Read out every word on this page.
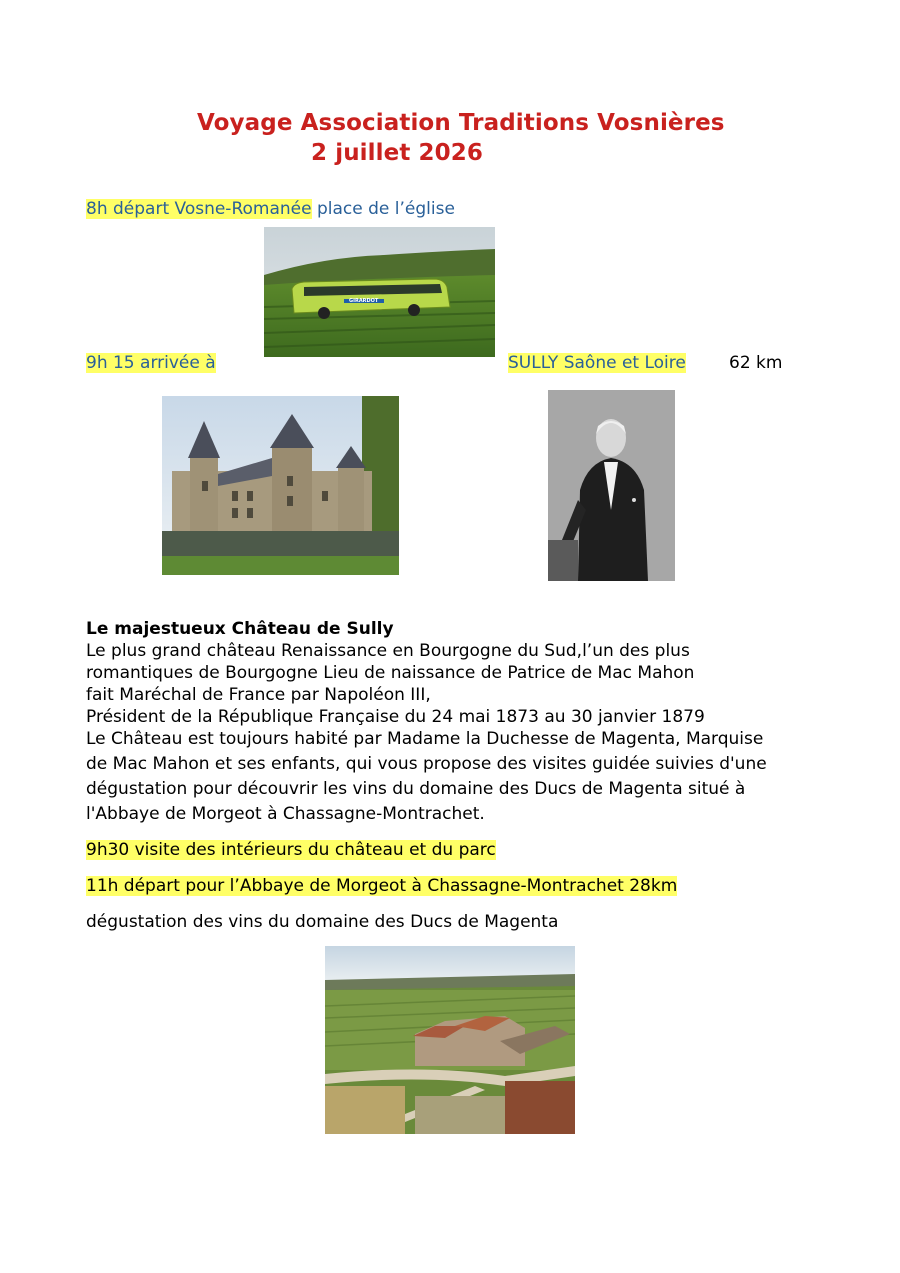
Voyage Association Traditions Vosnières
2 juillet 2026
8h départ Vosne-Romanée place de l’église
GIRARDOT
9h 15 arrivée à	SULLY Saône et Loire	62 km
Le majestueux Château de Sully
Le plus grand château Renaissance en Bourgogne du Sud,l’un des plus
romantiques de Bourgogne Lieu de naissance de Patrice de Mac Mahon
fait Maréchal de France par Napoléon III,
Président de la République Française du 24 mai 1873 au 30 janvier 1879
Le Château est toujours habité par Madame la Duchesse de Magenta, Marquise
de Mac Mahon et ses enfants, qui vous propose des visites guidée suivies d'une
dégustation pour découvrir les vins du domaine des Ducs de Magenta situé à
l'Abbaye de Morgeot à Chassagne-Montrachet.
9h30 visite des intérieurs du château et du parc
11h départ pour l’Abbaye de Morgeot à Chassagne-Montrachet 28km
dégustation des vins du domaine des Ducs de Magenta
